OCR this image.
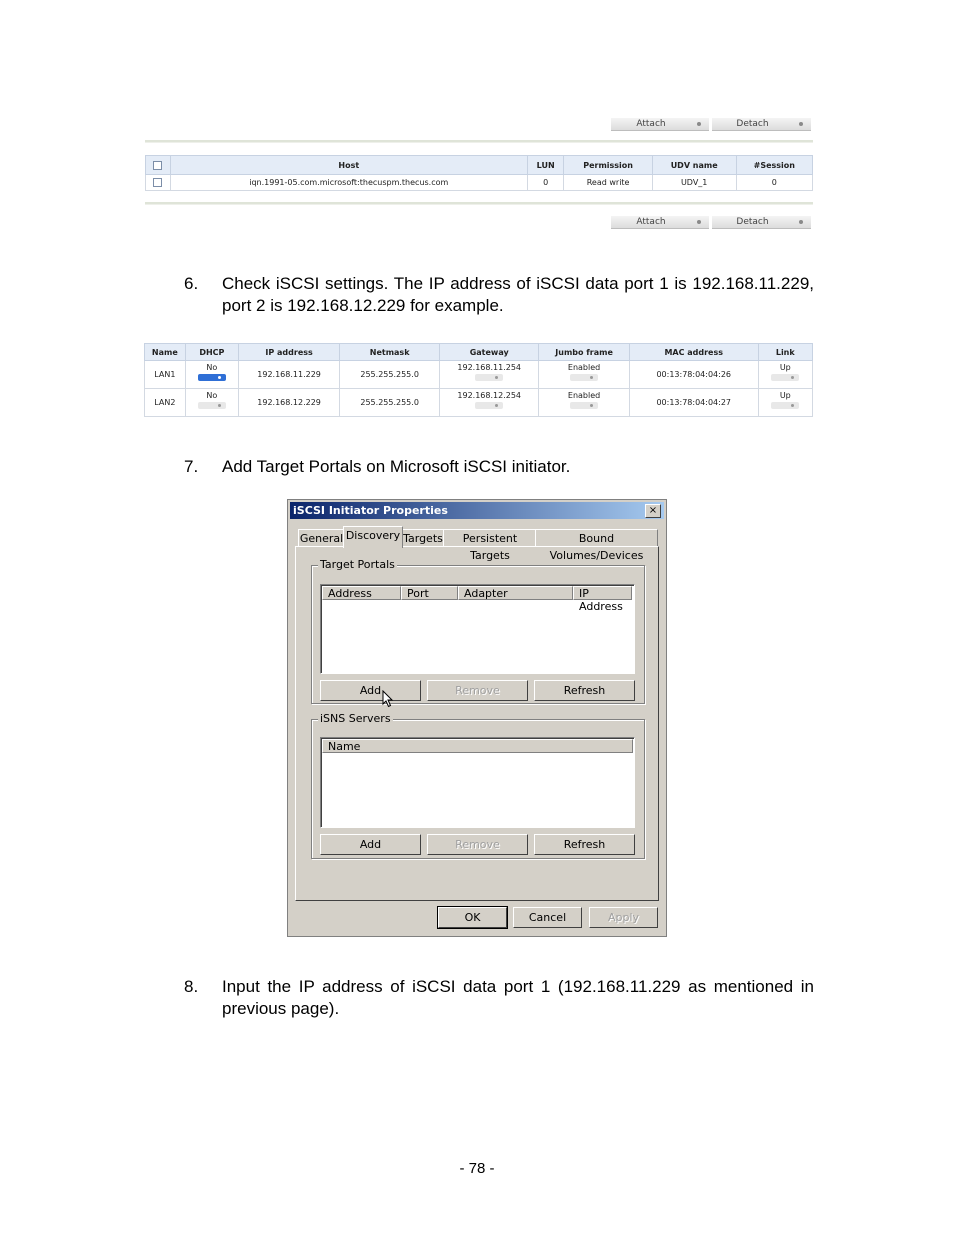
Attach	Detach
	Host	LUN	Permission	UDV name	#Session
	iqn.1991-05.com.microsoft:thecuspm.thecus.com	0	Read write	UDV_1	0
Attach	Detach
6. Check iSCSI settings. The IP address of iSCSI data port 1 is 192.168.11.229, port 2 is 192.168.12.229 for example.
Name	DHCP	IP address	Netmask	Gateway	Jumbo frame	MAC address	Link
LAN1	No	192.168.11.229	255.255.255.0	192.168.11.254	Enabled	00:13:78:04:04:26	Up

LAN2	No	192.168.12.229	255.255.255.0	192.168.12.254	Enabled	00:13:78:04:04:27	Up
7. Add Target Portals on Microsoft iSCSI initiator.
iSCSI Initiator Properties	×
General Discovery Targets	Persistent Targets
Bound Volumes/Devices
Target Portals
Address	Port	Adapter	IP Address
Add	Remove	Refresh
iSNS Servers
Name
Add	Remove	Refresh
OK	Cancel	Apply
8. Input the IP address of iSCSI data port 1 (192.168.11.229 as mentioned in previous page).
- 78 -
